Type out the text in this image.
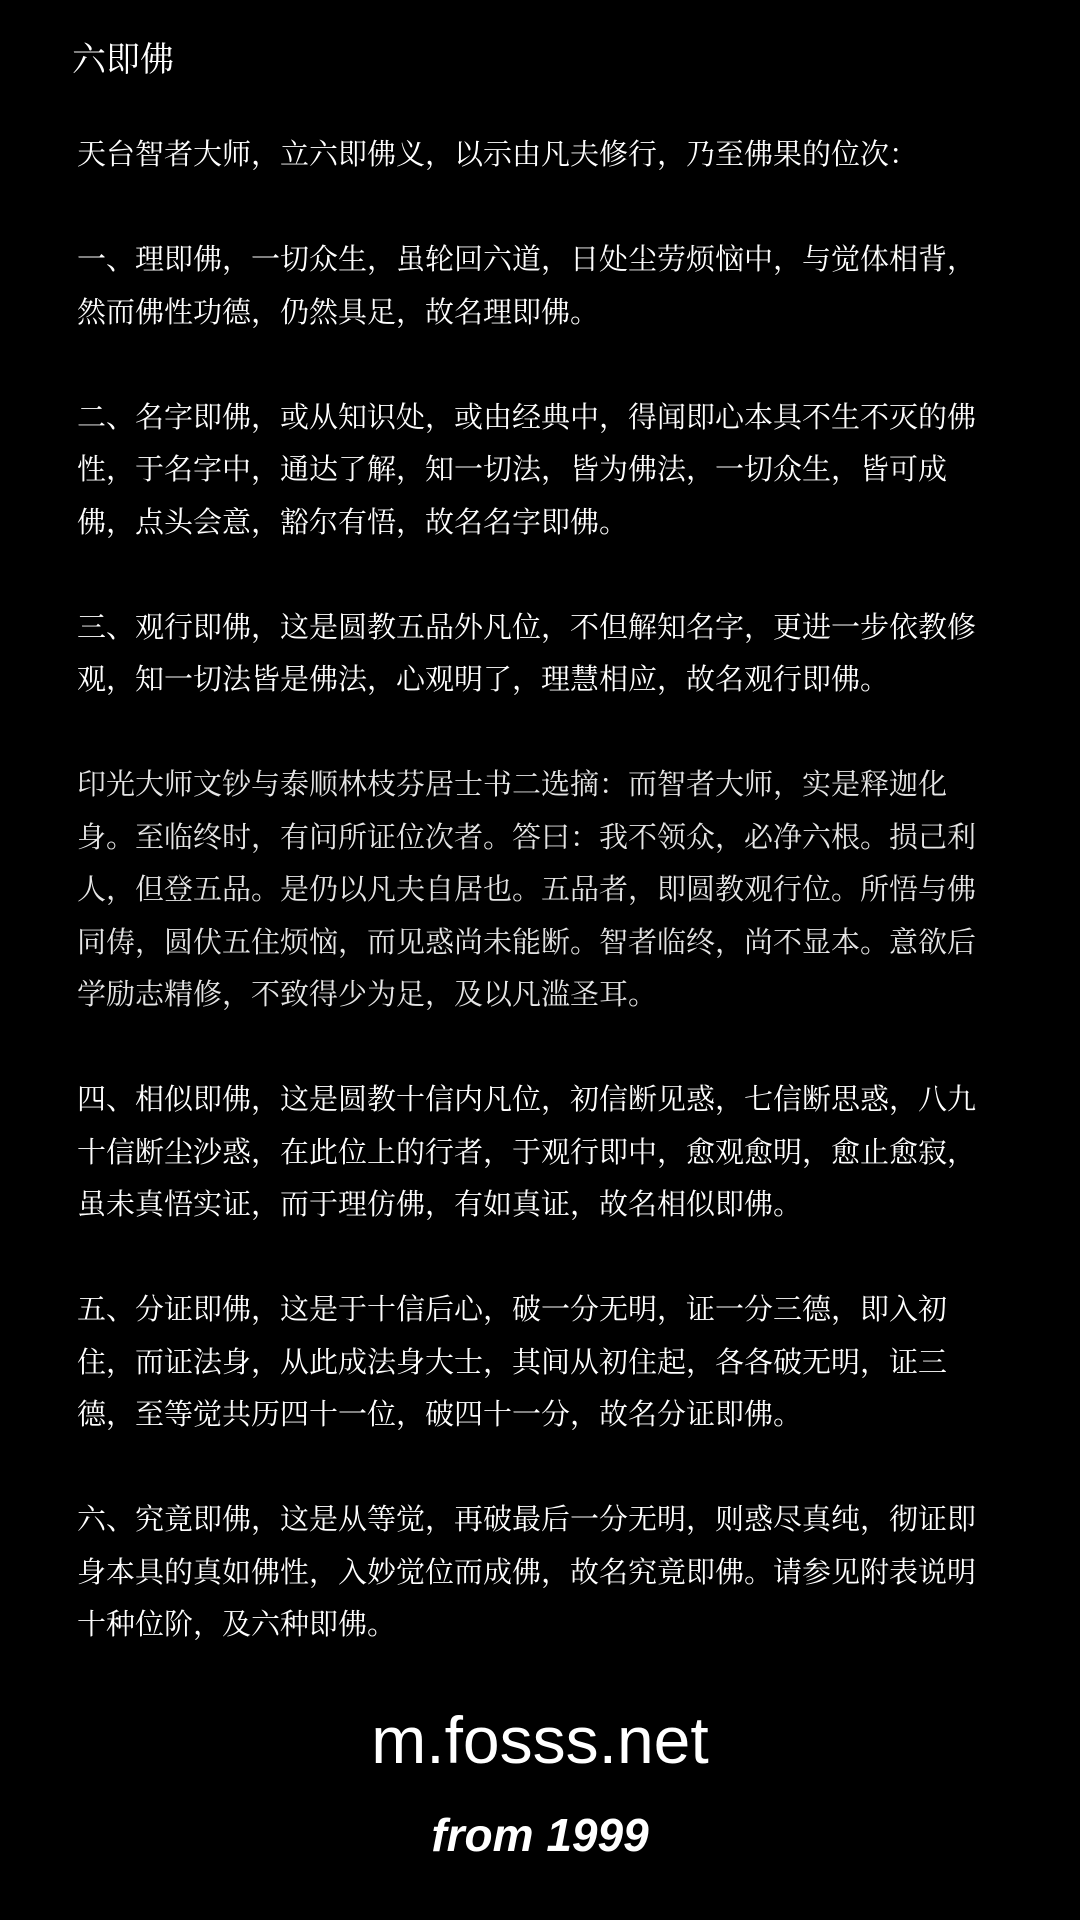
六即佛

天台智者大师，立六即佛义，以示由凡夫修行，乃至佛果的位次：

一、理即佛，一切众生，虽轮回六道，日处尘劳烦恼中，与觉体相背，然而佛性功德，仍然具足，故名理即佛。

二、名字即佛，或从知识处，或由经典中，得闻即心本具不生不灭的佛性，于名字中，通达了解，知一切法，皆为佛法，一切众生，皆可成佛，点头会意，豁尔有悟，故名名字即佛。

三、观行即佛，这是圆教五品外凡位，不但解知名字，更进一步依教修观，知一切法皆是佛法，心观明了，理慧相应，故名观行即佛。

印光大师文钞与泰顺林枝芬居士书二选摘：而智者大师，实是释迦化身。至临终时，有问所证位次者。答曰：我不领众，必净六根。损己利人，但登五品。是仍以凡夫自居也。五品者，即圆教观行位。所悟与佛同俦，圆伏五住烦恼，而见惑尚未能断。智者临终，尚不显本。意欲后学励志精修，不致得少为足，及以凡滥圣耳。

四、相似即佛，这是圆教十信内凡位，初信断见惑，七信断思惑，八九十信断尘沙惑，在此位上的行者，于观行即中，愈观愈明，愈止愈寂，虽未真悟实证，而于理仿佛，有如真证，故名相似即佛。

五、分证即佛，这是于十信后心，破一分无明，证一分三德，即入初住，而证法身，从此成法身大士，其间从初住起，各各破无明，证三德，至等觉共历四十一位，破四十一分，故名分证即佛。

六、究竟即佛，这是从等觉，再破最后一分无明，则惑尽真纯，彻证即身本具的真如佛性，入妙觉位而成佛，故名究竟即佛。请参见附表说明十种位阶，及六种即佛。

m.fosss.net
from 1999
